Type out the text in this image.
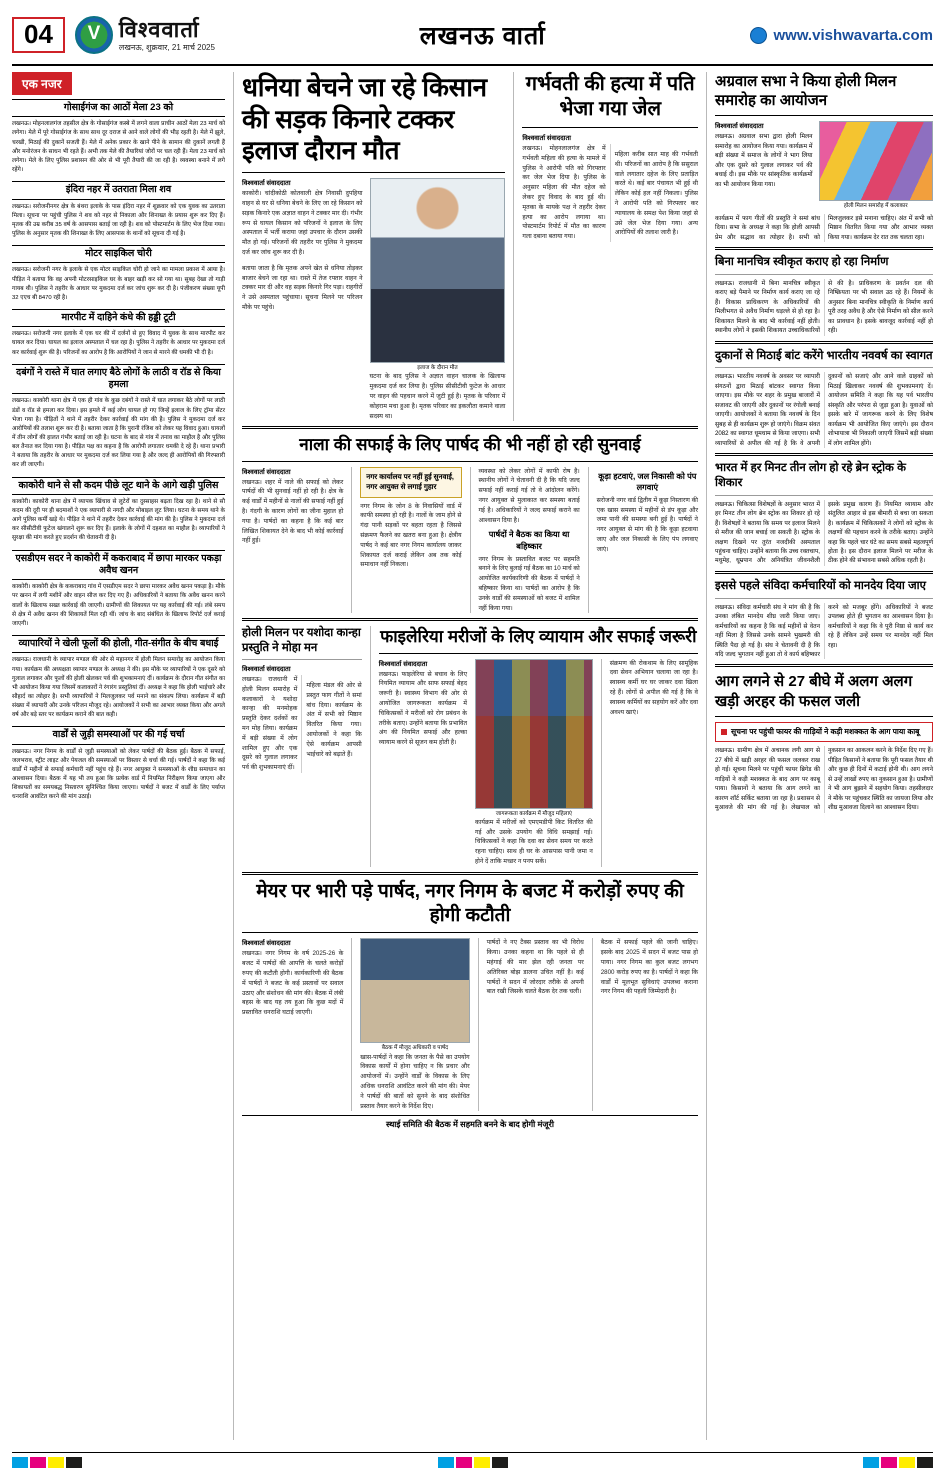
04 V	विश्ववार्ता
लखनऊ, शुक्रवार, 21 मार्च 2025	लखनऊ वार्ता	www.vishwavarta.com
एक नजर
गोसाईगंज का आठों मेला 23 को
लखनऊ। मोहनलालगंज तहसील क्षेत्र के गोसाईगंज कस्बे में लगने वाला प्राचीन आठों मेला 23 मार्च को लगेगा। मेले में पूरे गोसाईगंज के साथ साथ दूर दराज से आने वाले लोगों की भीड़ रहती है। मेले में झूले, चरखी, मिठाई की दुकानें सजती हैं। मेले में अनेक प्रकार के खाने पीने के सामान की दुकानें लगती हैं और मनोरंजन के साधन भी रहते हैं। अभी तक मेले की तैयारियां जोरों पर चल रही हैं। मेला 23 मार्च को लगेगा। मेले के लिए पुलिस प्रशासन की ओर से भी पूरी तैयारी की जा रही है। व्यवस्था बनाने में लगे रहेंगे।
इंदिरा नहर में उतराता मिला शव
लखनऊ। सरोजनीनगर क्षेत्र के बंथरा इलाके के पास इंदिरा नहर में शुक्रवार को एक युवक का उतराता मिला। सूचना पर पहुंची पुलिस ने शव को नहर से निकाला और शिनाख्त के प्रयास शुरू कर दिए हैं। मृतक की उम्र करीब 35 वर्ष के आसपास बताई जा रही है। शव को पोस्टमार्टम के लिए भेज दिया गया। पुलिस के अनुसार मृतक की शिनाख्त के लिए आसपास के थानों को सूचना दी गई है।
मोटर साइकिल चोरी
लखनऊ। सरोजनी नगर के इलाके से एक मोटर साइकिल चोरी हो जाने का मामला प्रकाश में आया है। पीड़ित ने बताया कि वह अपनी मोटरसाइकिल घर के बाहर खड़ी कर सो गया था। सुबह देखा तो गाड़ी गायब थी। पुलिस ने तहरीर के आधार पर मुकदमा दर्ज कर जांच शुरू कर दी है। पंजीकरण संख्या यूपी 32 एएच बी 8470 रही है।
मारपीट में दाहिने कंधे की हड्डी टूटी
लखनऊ। सरोजनी नगर इलाके में एक घर की में दर्जनों से हुए विवाद में युवक के साथ मारपीट कर घायल कर दिया। घायल का इलाज अस्पताल में चल रहा है। पुलिस ने तहरीर के आधार पर मुकदमा दर्ज कर कार्रवाई शुरू की है। परिजनों का आरोप है कि आरोपियों ने जान से मारने की धमकी भी दी है।
दबंगों ने रास्ते में घात लगाए बैठे लोगों के लाठी व रॉड से किया हमला
लखनऊ। काकोरी थाना क्षेत्र में एक ही गांव के कुछ दबंगों ने रास्ते में घात लगाकर बैठे लोगों पर लाठी डंडों व रॉड से हमला कर दिया। इस हमले में कई लोग घायल हो गए जिन्हें इलाज के लिए ट्रॉमा सेंटर भेजा गया है। पीड़ितों ने थाने में तहरीर देकर कार्रवाई की मांग की है। पुलिस ने मुकदमा दर्ज कर आरोपियों की तलाश शुरू कर दी है। बताया जाता है कि पुरानी रंजिश को लेकर यह विवाद हुआ। घायलों में तीन लोगों की हालत गंभीर बताई जा रही है। घटना के बाद से गांव में तनाव का माहौल है और पुलिस बल तैनात कर दिया गया है। पीड़ित पक्ष का कहना है कि आरोपी लगातार धमकी दे रहे हैं। थाना प्रभारी ने बताया कि तहरीर के आधार पर मुकदमा दर्ज कर लिया गया है और जल्द ही आरोपियों की गिरफ्तारी कर ली जाएगी।
काकोरी थाने से सौ कदम पीछे लूट थाने के आगे खड़ी पुलिस
काकोरी। काकोरी थाना क्षेत्र में व्यापक खिंचाव से लुटेरों का दुस्साहस बढ़ता दिख रहा है। थाने से सौ कदम की दूरी पर ही बदमाशों ने एक व्यापारी से नगदी और मोबाइल लूट लिया। घटना के समय थाने के आगे पुलिस कर्मी खड़े थे। पीड़ित ने थाने में तहरीर देकर कार्रवाई की मांग की है। पुलिस ने मुकदमा दर्ज कर सीसीटीवी फुटेज खंगालने शुरू कर दिए हैं। इलाके के लोगों में दहशत का माहौल है। व्यापारियों ने सुरक्षा की मांग करते हुए प्रदर्शन की चेतावनी दी है।
एसडीएम सदर ने काकोरी में ककराबाद में छापा मारकर पकड़ा अवैध खनन
काकोरी। काकोरी क्षेत्र के ककराबाद गांव में एसडीएम सदर ने छापा मारकर अवैध खनन पकड़ा है। मौके पर खनन में लगी मशीनें और वाहन सीज कर दिए गए हैं। अधिकारियों ने बताया कि अवैध खनन करने वालों के खिलाफ सख्त कार्रवाई की जाएगी। ग्रामीणों की शिकायत पर यह कार्रवाई की गई। लंबे समय से क्षेत्र में अवैध खनन की शिकायतें मिल रही थीं। जांच के बाद संबंधित के खिलाफ रिपोर्ट दर्ज कराई जाएगी।
व्यापारियों ने खेली फूलों की होली, गीत-संगीत के बीच बधाई
लखनऊ। राजधानी के व्यापार मण्डल की ओर से महानगर में होली मिलन समारोह का आयोजन किया गया। कार्यक्रम की अध्यक्षता व्यापार मण्डल के अध्यक्ष ने की। इस मौके पर व्यापारियों ने एक दूसरे को गुलाल लगाकर और फूलों की होली खेलकर पर्व की शुभकामनाएं दीं। कार्यक्रम के दौरान गीत संगीत का भी आयोजन किया गया जिसमें कलाकारों ने रंगारंग प्रस्तुतियां दीं। अध्यक्ष ने कहा कि होली भाईचारे और सौहार्द का त्योहार है। सभी व्यापारियों ने मिलजुलकर पर्व मनाने का संकल्प लिया। कार्यक्रम में बड़ी संख्या में व्यापारी और उनके परिजन मौजूद रहे। आयोजकों ने सभी का आभार व्यक्त किया और अगले वर्ष और बड़े स्तर पर कार्यक्रम कराने की बात कही।
वार्डों से जुड़ी समस्याओं पर की गई चर्चा
लखनऊ। नगर निगम के वार्डों से जुड़ी समस्याओं को लेकर पार्षदों की बैठक हुई। बैठक में सफाई, जलभराव, स्ट्रीट लाइट और पेयजल की समस्याओं पर विस्तार से चर्चा की गई। पार्षदों ने कहा कि कई वार्डों में महीनों से सफाई कर्मचारी नहीं पहुंच रहे हैं। नगर आयुक्त ने समस्याओं के शीघ्र समाधान का आश्वासन दिया। बैठक में यह भी तय हुआ कि प्रत्येक वार्ड में नियमित निरीक्षण किया जाएगा और शिकायतों का समयबद्ध निस्तारण सुनिश्चित किया जाएगा। पार्षदों ने बजट में वार्डों के लिए पर्याप्त धनराशि आवंटित करने की मांग उठाई।
धनिया बेचने जा रहे किसान की सड़क किनारे टक्कर इलाज दौरान मौत
विश्ववार्ता संवाददाता
काकोरी। चांदीकोठी कोतवाली क्षेत्र निवासी दुपहिया वाहन से घर से धनिया बेचने के लिए जा रहे किसान को सड़क किनारे एक अज्ञात वाहन ने टक्कर मार दी। गंभीर रूप से घायल किसान को परिजनों ने इलाज के लिए अस्पताल में भर्ती कराया जहां उपचार के दौरान उसकी मौत हो गई। परिजनों की तहरीर पर पुलिस ने मुकदमा दर्ज कर जांच शुरू कर दी है।
बताया जाता है कि मृतक अपने खेत से धनिया तोड़कर बाजार बेचने जा रहा था। रास्ते में तेज रफ्तार वाहन ने टक्कर मार दी और वह सड़क किनारे गिर पड़ा। राहगीरों ने उसे अस्पताल पहुंचाया। सूचना मिलने पर परिजन मौके पर पहुंचे।
इलाज के दौरान मौत
घटना के बाद पुलिस ने अज्ञात वाहन चालक के खिलाफ मुकदमा दर्ज कर लिया है। पुलिस सीसीटीवी फुटेज के आधार पर वाहन की पहचान करने में जुटी हुई है। मृतक के परिवार में कोहराम मचा हुआ है। मृतक परिवार का इकलौता कमाने वाला सदस्य था।
गर्भवती की हत्या में पति भेजा गया जेल
विश्ववार्ता संवाददाता
लखनऊ। मोहनलालगंज क्षेत्र में गर्भवती महिला की हत्या के मामले में पुलिस ने आरोपी पति को गिरफ्तार कर जेल भेज दिया है। पुलिस के अनुसार महिला की मौत दहेज को लेकर हुए विवाद के बाद हुई थी। मृतका के मायके पक्ष ने तहरीर देकर हत्या का आरोप लगाया था। पोस्टमार्टम रिपोर्ट में मौत का कारण गला दबाना बताया गया।
महिला करीब सात माह की गर्भवती थी। परिजनों का आरोप है कि ससुराल वाले लगातार दहेज के लिए प्रताड़ित करते थे। कई बार पंचायत भी हुई थी लेकिन कोई हल नहीं निकला। पुलिस ने आरोपी पति को गिरफ्तार कर न्यायालय के समक्ष पेश किया जहां से उसे जेल भेज दिया गया। अन्य आरोपियों की तलाश जारी है।
नाला की सफाई के लिए पार्षद की भी नहीं हो रही सुनवाई
विश्ववार्ता संवाददाता
लखनऊ। शहर में नाले की सफाई को लेकर पार्षदों की भी सुनवाई नहीं हो रही है। क्षेत्र के कई वार्डों में महीनों से नालों की सफाई नहीं हुई है। गंदगी के कारण लोगों का जीना मुहाल हो गया है। पार्षदों का कहना है कि कई बार लिखित शिकायत देने के बाद भी कोई कार्रवाई नहीं हुई।
नगर कार्यालय पर नहीं हुई सुनवाई, नगर आयुक्त से लगाई गुहार
नगर निगम के जोन 8 के निवासियों वार्ड में काफी समस्या हो रही है। नालों के जाम होने से गंदा पानी सड़कों पर बहता रहता है जिससे संक्रमण फैलने का खतरा बना हुआ है। क्षेत्रीय पार्षद ने कई बार नगर निगम कार्यालय जाकर शिकायत दर्ज कराई लेकिन अब तक कोई समाधान नहीं निकला।
व्यवस्था को लेकर लोगों में काफी रोष है। स्थानीय लोगों ने चेतावनी दी है कि यदि जल्द सफाई नहीं कराई गई तो वे आंदोलन करेंगे। नगर आयुक्त से मुलाकात कर समस्या बताई गई है। अधिकारियों ने जल्द सफाई कराने का आश्वासन दिया है।
पार्षदों ने बैठक का किया था बहिष्कार
नगर निगम के प्रस्तावित बजट पर सहमति बनाने के लिए बुलाई गई बैठक का 10 मार्च को आयोजित कार्यकारिणी की बैठक में पार्षदों ने बहिष्कार किया था। पार्षदों का आरोप है कि उनके वार्डों की समस्याओं को बजट में शामिल नहीं किया गया।
कूड़ा हटवाएं, जल निकासी को पंप लगवाएं
सरोजनी नगर वार्ड द्वितीय में कूड़ा निस्तारण की एक खास समस्या में महीनों से डंप कूड़ा और जमा पानी की समस्या बनी हुई है। पार्षदों ने नगर आयुक्त से मांग की है कि कूड़ा हटवाया जाए और जल निकासी के लिए पंप लगवाए जाएं।
होली मिलन पर यशोदा कान्हा प्रस्तुति ने मोहा मन
विश्ववार्ता संवाददाता
लखनऊ। राजधानी में होली मिलन समारोह में कलाकारों ने यशोदा कान्हा की मनमोहक प्रस्तुति देकर दर्शकों का मन मोह लिया। कार्यक्रम में बड़ी संख्या में लोग शामिल हुए और एक दूसरे को गुलाल लगाकर पर्व की शुभकामनाएं दीं।
महिला मंडल की ओर से प्रस्तुत फाग गीतों ने समां बांध दिया। कार्यक्रम के अंत में सभी को मिष्ठान वितरित किया गया। आयोजकों ने कहा कि ऐसे कार्यक्रम आपसी भाईचारे को बढ़ाते हैं।
फाइलेरिया मरीजों के लिए व्यायाम और सफाई जरूरी
विश्ववार्ता संवाददाता
लखनऊ। फाइलेरिया से बचाव के लिए नियमित व्यायाम और साफ सफाई बेहद जरूरी है। स्वास्थ्य विभाग की ओर से आयोजित जागरूकता कार्यक्रम में चिकित्सकों ने मरीजों को रोग प्रबंधन के तरीके बताए। उन्होंने बताया कि प्रभावित अंग की नियमित सफाई और हल्का व्यायाम करने से सूजन कम होती है।
जागरूकता कार्यक्रम में मौजूद महिलाएं
कार्यक्रम में मरीजों को एमएमडीपी किट वितरित की गई और उसके उपयोग की विधि समझाई गई। चिकित्सकों ने कहा कि दवा का सेवन समय पर करते रहना चाहिए। साथ ही घर के आसपास पानी जमा न होने दें ताकि मच्छर न पनप सकें।
संक्रमण की रोकथाम के लिए सामूहिक दवा सेवन अभियान चलाया जा रहा है। स्वास्थ्य कर्मी घर घर जाकर दवा खिला रहे हैं। लोगों से अपील की गई है कि वे स्वास्थ्य कर्मियों का सहयोग करें और दवा अवश्य खाएं।
मेयर पर भारी पड़े पार्षद, नगर निगम के बजट में करोड़ों रुपए की होगी कटौती
विश्ववार्ता संवाददाता
लखनऊ। नगर निगम के वर्ष 2025-26 के बजट में पार्षदों की आपत्ति के चलते करोड़ों रुपए की कटौती होगी। कार्यकारिणी की बैठक में पार्षदों ने बजट के कई प्रस्तावों पर सवाल उठाए और संशोधन की मांग की। बैठक में लंबी बहस के बाद यह तय हुआ कि कुछ मदों में प्रस्तावित धनराशि घटाई जाएगी।
बैठक में मौजूद अधिकारी व पार्षद
खास-पार्षदों ने कहा कि जनता के पैसे का उपयोग विकास कार्यों में होना चाहिए न कि प्रचार और आयोजनों में। उन्होंने वार्डों के विकास के लिए अधिक धनराशि आवंटित करने की मांग की। मेयर ने पार्षदों की बातों को सुनने के बाद संशोधित प्रस्ताव तैयार करने के निर्देश दिए।
पार्षदों ने नए टैक्स प्रस्ताव का भी विरोध किया। उनका कहना था कि पहले से ही महंगाई की मार झेल रही जनता पर अतिरिक्त बोझ डालना उचित नहीं है। कई पार्षदों ने सदन में जोरदार तरीके से अपनी बात रखी जिसके चलते बैठक देर तक चली।
बैठक में सफाई पहले की जानी चाहिए। इसके बाद 2025 में सदन में बजट पास हो पाया। नगर निगम का कुल बजट लगभग 2800 करोड़ रुपए का है। पार्षदों ने कहा कि वार्डों में मूलभूत सुविधाएं उपलब्ध कराना नगर निगम की पहली जिम्मेदारी है।
स्थाई समिति की बैठक में सहमति बनने के बाद होगी मंजूरी
अग्रवाल सभा ने किया होली मिलन समारोह का आयोजन
विश्ववार्ता संवाददाता
लखनऊ। अग्रवाल सभा द्वारा होली मिलन समारोह का आयोजन किया गया। कार्यक्रम में बड़ी संख्या में समाज के लोगों ने भाग लिया और एक दूसरे को गुलाल लगाकर पर्व की बधाई दी। इस मौके पर सांस्कृतिक कार्यक्रमों का भी आयोजन किया गया।
होली मिलन समारोह में कलाकार
कार्यक्रम में फाग गीतों की प्रस्तुति ने समां बांध दिया। सभा के अध्यक्ष ने कहा कि होली आपसी प्रेम और सद्भाव का त्योहार है। सभी को मिलजुलकर इसे मनाना चाहिए। अंत में सभी को मिष्ठान वितरित किया गया और आभार व्यक्त किया गया। कार्यक्रम देर रात तक चलता रहा।
बिना मानचित्र स्वीकृत कराए हो रहा निर्माण
लखनऊ। राजधानी में बिना मानचित्र स्वीकृत कराए बड़े पैमाने पर निर्माण कार्य कराए जा रहे हैं। विकास प्राधिकरण के अधिकारियों की मिलीभगत से अवैध निर्माण धड़ल्ले से हो रहा है। शिकायत मिलने के बाद भी कार्रवाई नहीं होती। स्थानीय लोगों ने इसकी शिकायत उच्चाधिकारियों से की है। प्राधिकरण के प्रवर्तन दल की निष्क्रियता पर भी सवाल उठ रहे हैं। नियमों के अनुसार बिना मानचित्र स्वीकृति के निर्माण कार्य पूरी तरह अवैध है और ऐसे निर्माण को सील करने का प्रावधान है। इसके बावजूद कार्रवाई नहीं हो रही।
दुकानों से मिठाई बांट करेंगे भारतीय नववर्ष का स्वागत
लखनऊ। भारतीय नववर्ष के अवसर पर व्यापारी संगठनों द्वारा मिठाई बांटकर स्वागत किया जाएगा। इस मौके पर शहर के प्रमुख बाजारों में सजावट की जाएगी और दुकानों पर रंगोली बनाई जाएगी। आयोजकों ने बताया कि नववर्ष के दिन सुबह से ही कार्यक्रम शुरू हो जाएंगे। विक्रम संवत 2082 का स्वागत धूमधाम से किया जाएगा। सभी व्यापारियों से अपील की गई है कि वे अपनी दुकानों को सजाएं और आने वाले ग्राहकों को मिठाई खिलाकर नववर्ष की शुभकामनाएं दें। आयोजन समिति ने कहा कि यह पर्व भारतीय संस्कृति और परंपरा से जुड़ा हुआ है। युवाओं को इसके बारे में जागरूक करने के लिए विशेष कार्यक्रम भी आयोजित किए जाएंगे। इस दौरान शोभायात्रा भी निकाली जाएगी जिसमें बड़ी संख्या में लोग शामिल होंगे।
भारत में हर मिनट तीन लोग हो रहे ब्रेन स्ट्रोक के शिकार
लखनऊ। चिकित्सा विशेषज्ञों के अनुसार भारत में हर मिनट तीन लोग ब्रेन स्ट्रोक का शिकार हो रहे हैं। विशेषज्ञों ने बताया कि समय पर इलाज मिलने से मरीज की जान बचाई जा सकती है। स्ट्रोक के लक्षण दिखने पर तुरंत नजदीकी अस्पताल पहुंचना चाहिए। उन्होंने बताया कि उच्च रक्तचाप, मधुमेह, धूम्रपान और अनियंत्रित जीवनशैली इसके प्रमुख कारण हैं। नियमित व्यायाम और संतुलित आहार से इस बीमारी से बचा जा सकता है। कार्यक्रम में चिकित्सकों ने लोगों को स्ट्रोक के लक्षणों की पहचान करने के तरीके बताए। उन्होंने कहा कि पहले चार घंटे का समय सबसे महत्वपूर्ण होता है। इस दौरान इलाज मिलने पर मरीज के ठीक होने की संभावना सबसे अधिक रहती है।
इससे पहले संविदा कर्मचारियों को मानदेय दिया जाए
लखनऊ। संविदा कर्मचारी संघ ने मांग की है कि उनका लंबित मानदेय शीघ्र जारी किया जाए। कर्मचारियों का कहना है कि कई महीनों से वेतन नहीं मिला है जिससे उनके सामने भुखमरी की स्थिति पैदा हो गई है। संघ ने चेतावनी दी है कि यदि जल्द भुगतान नहीं हुआ तो वे कार्य बहिष्कार करने को मजबूर होंगे। अधिकारियों ने बजट उपलब्ध होते ही भुगतान का आश्वासन दिया है। कर्मचारियों ने कहा कि वे पूरी निष्ठा से कार्य कर रहे हैं लेकिन उन्हें समय पर मानदेय नहीं मिल रहा।
आग लगने से 27 बीघे में अलग अलग खड़ी अरहर की फसल जली
सूचना पर पहुंची फायर की गाड़ियों ने कड़ी मशक्कत के आग पाया काबू
लखनऊ। ग्रामीण क्षेत्र में अचानक लगी आग से 27 बीघे में खड़ी अरहर की फसल जलकर राख हो गई। सूचना मिलने पर पहुंची फायर ब्रिगेड की गाड़ियों ने कड़ी मशक्कत के बाद आग पर काबू पाया। किसानों ने बताया कि आग लगने का कारण शॉर्ट सर्किट बताया जा रहा है। प्रशासन से मुआवजे की मांग की गई है। लेखपाल को नुकसान का आकलन करने के निर्देश दिए गए हैं। पीड़ित किसानों ने बताया कि पूरी फसल तैयार थी और कुछ ही दिनों में कटाई होनी थी। आग लगने से उन्हें लाखों रुपए का नुकसान हुआ है। ग्रामीणों ने भी आग बुझाने में सहयोग किया। तहसीलदार ने मौके पर पहुंचकर स्थिति का जायजा लिया और शीघ्र मुआवजा दिलाने का आश्वासन दिया।
